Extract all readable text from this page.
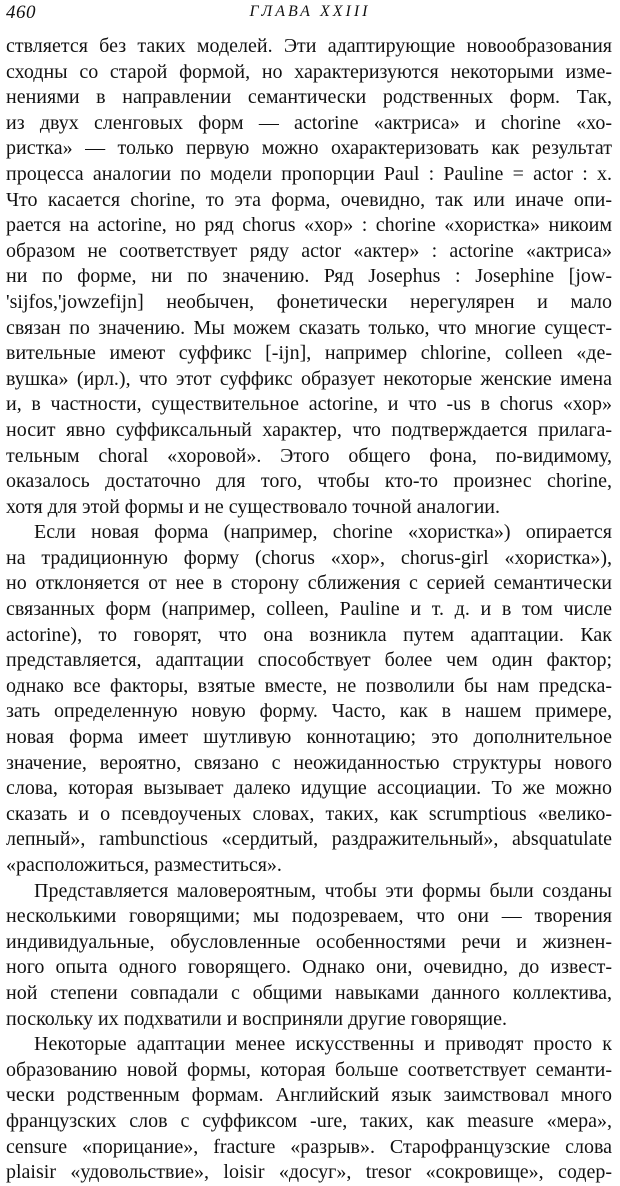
460	ГЛАВА XXIII
ствляется без таких моделей. Эти адаптирующие новообразования
сходны со старой формой, но характеризуются некоторыми изме-
нениями в направлении семантически родственных форм. Так,
из двух сленговых форм — actorine «актриса» и chorine «хо-
ристка» — только первую можно охарактеризовать как результат
процесса аналогии по модели пропорции Paul : Pauline = actor : x.
Что касается chorine, то эта форма, очевидно, так или иначе опи-
рается на actorine, но ряд chorus «хор» : chorine «хористка» никоим
образом не соответствует ряду actor «актер» : actorine «актриса»
ни по форме, ни по значению. Ряд Josephus : Josephine [jow-
'sijfos,'jowzefijn] необычен, фонетически нерегулярен и мало
связан по значению. Мы можем сказать только, что многие сущест-
вительные имеют суффикс [-ijn], например chlorine, colleen «де-
вушка» (ирл.), что этот суффикс образует некоторые женские имена
и, в частности, существительное actorine, и что -us в chorus «хор»
носит явно суффиксальный характер, что подтверждается прилага-
тельным choral «хоровой». Этого общего фона, по-видимому,
оказалось достаточно для того, чтобы кто-то произнес chorine,
хотя для этой формы и не существовало точной аналогии.
Если новая форма (например, chorine «хористка») опирается
на традиционную форму (chorus «хор», chorus-girl «хористка»),
но отклоняется от нее в сторону сближения с серией семантически
связанных форм (например, colleen, Pauline и т. д. и в том числе
actorine), то говорят, что она возникла путем адаптации. Как
представляется, адаптации способствует более чем один фактор;
однако все факторы, взятые вместе, не позволили бы нам предска-
зать определенную новую форму. Часто, как в нашем примере,
новая форма имеет шутливую коннотацию; это дополнительное
значение, вероятно, связано с неожиданностью структуры нового
слова, которая вызывает далеко идущие ассоциации. То же можно
сказать и о псевдоученых словах, таких, как scrumptious «велико-
лепный», rambunctious «сердитый, раздражительный», absquatulate
«расположиться, разместиться».
Представляется маловероятным, чтобы эти формы были созданы
несколькими говорящими; мы подозреваем, что они — творения
индивидуальные, обусловленные особенностями речи и жизнен-
ного опыта одного говорящего. Однако они, очевидно, до извест-
ной степени совпадали с общими навыками данного коллектива,
поскольку их подхватили и восприняли другие говорящие.
Некоторые адаптации менее искусственны и приводят просто к
образованию новой формы, которая больше соответствует семанти-
чески родственным формам. Английский язык заимствовал много
французских слов с суффиксом -ure, таких, как measure «мера»,
censure «порицание», fracture «разрыв». Старофранцузские слова
plaisir «удовольствие», loisir «досуг», tresor «сокровище», содер-
